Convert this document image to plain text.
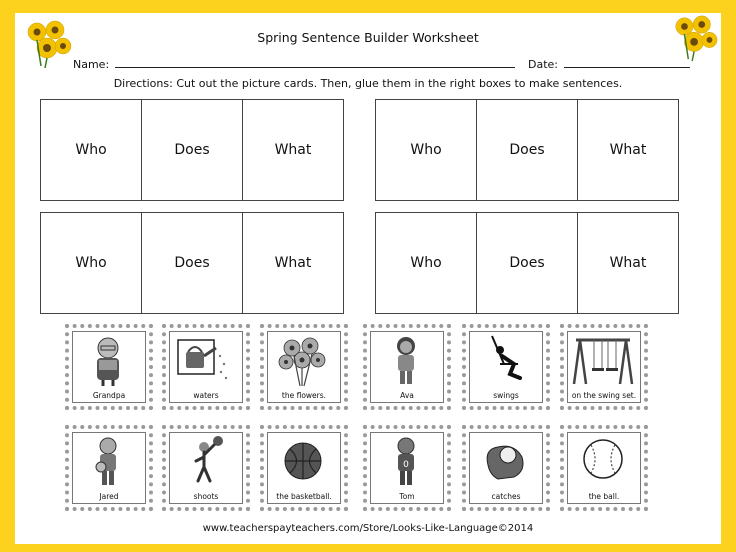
Spring Sentence Builder Worksheet
Name:	Date:
Directions: Cut out the picture cards. Then, glue them in the right boxes to make sentences.
Who	Does	What	Who	Does	What
Who	Does	What	Who	Does	What
Grandpa	waters	the flowers.	Ava	swings	on the swing set.
Jared	shoots	the basketball.
0
Tom	catches	the ball.
www.teacherspayteachers.com/Store/Looks-Like-Language©2014
